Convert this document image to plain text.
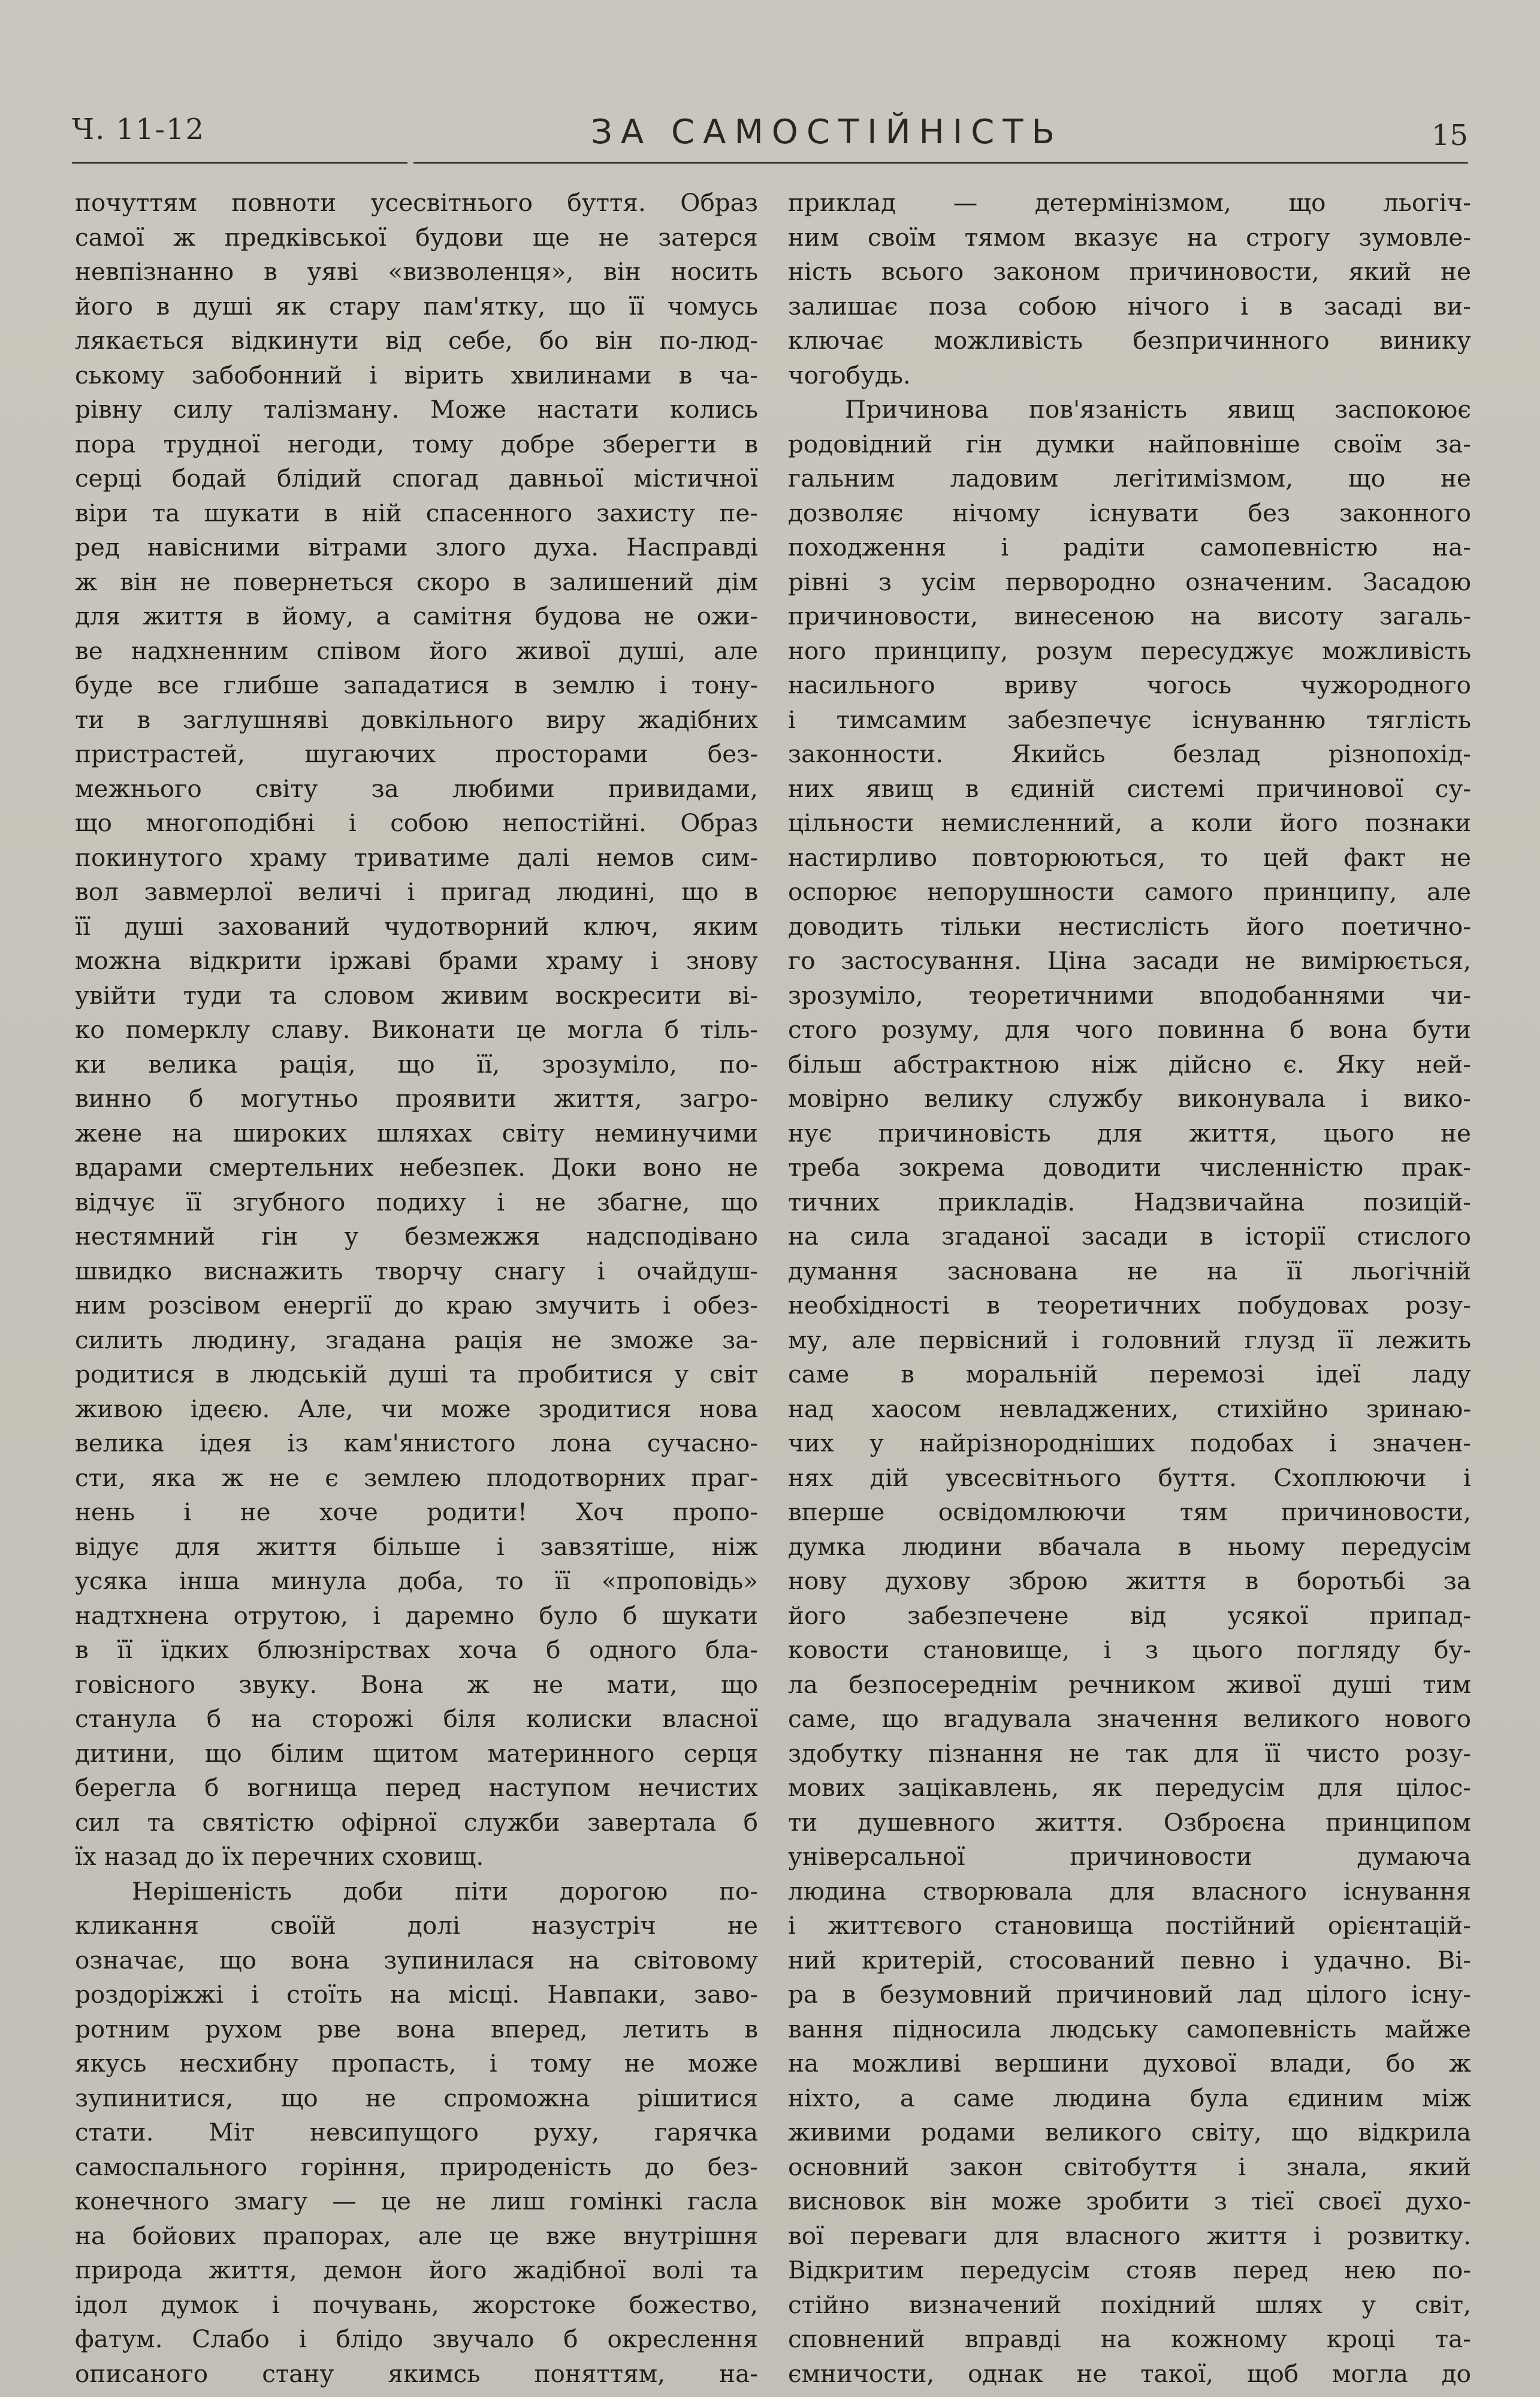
Ч. 11-12	ЗА САМОСТІЙНІСТЬ	15
почуттям повноти усесвітнього буття. Образ
самої ж предківської будови ще не затерся
невпізнанно в уяві «визволенця», він носить
його в душі як стару пам'ятку, що її чомусь
лякається відкинути від себе, бо він по-люд-
ському забобонний і вірить хвилинами в ча-
рівну силу талізману. Може настати колись
пора трудної негоди, тому добре зберегти в
серці бодай блідий спогад давньої містичної
віри та шукати в ній спасенного захисту пе-
ред навісними вітрами злого духа. Насправді
ж він не повернеться скоро в залишений дім
для життя в йому, а самітня будова не ожи-
ве надхненним співом його живої душі, але
буде все глибше западатися в землю і тону-
ти в заглушняві довкільного виру жадібних
пристрастей, шугаючих просторами без-
межнього світу за любими привидами,
що многоподібні і собою непостійні. Образ
покинутого храму триватиме далі немов сим-
вол завмерлої величі і пригад людині, що в
її душі захований чудотворний ключ, яким
можна відкрити іржаві брами храму і знову
увійти туди та словом живим воскресити ві-
ко померклу славу. Виконати це могла б тіль-
ки велика рація, що її, зрозуміло, по-
винно б могутньо проявити життя, загро-
жене на широких шляхах світу неминучими
вдарами смертельних небезпек. Доки воно не
відчує її згубного подиху і не збагне, що
нестямний гін у безмежжя надсподівано
швидко виснажить творчу снагу і очайдуш-
ним розсівом енергії до краю змучить і обез-
силить людину, згадана рація не зможе за-
родитися в людській душі та пробитися у світ
живою ідеєю. Але, чи може зродитися нова
велика ідея із кам'янистого лона сучасно-
сти, яка ж не є землею плодотворних праг-
нень і не хоче родити! Хоч пропо-
відує для життя більше і завзятіше, ніж
усяка інша минула доба, то її «проповідь»
надтхнена отрутою, і даремно було б шукати
в її їдких блюзнірствах хоча б одного бла-
говісного звуку. Вона ж не мати, що
станула б на сторожі біля колиски власної
дитини, що білим щитом материнного серця
берегла б вогнища перед наступом нечистих
сил та святістю офірної служби завертала б
їх назад до їх перечних сховищ.
Нерішеність доби піти дорогою по-
кликання своїй долі назустріч не
означає, що вона зупинилася на світовому
роздоріжжі і стоїть на місці. Навпаки, заво-
ротним рухом рве вона вперед, летить в
якусь несхибну пропасть, і тому не може
зупинитися, що не спроможна рішитися
стати. Міт невсипущого руху, гарячка
самоспального горіння, природеність до без-
конечного змагу — це не лиш гомінкі гасла
на бойових прапорах, але це вже внутрішня
природа життя, демон його жадібної волі та
ідол думок і почувань, жорстоке божество,
фатум. Слабо і блідо звучало б окреслення
описаного стану якимсь поняттям, на-
приклад — детермінізмом, що льогіч-
ним своїм тямом вказує на строгу зумовле-
ність всього законом причиновости, який не
залишає поза собою нічого і в засаді ви-
ключає можливість безпричинного винику
чогобудь.
Причинова пов'язаність явищ заспокоює
родовідний гін думки найповніше своїм за-
гальним ладовим легітимізмом, що не
дозволяє нічому існувати без законного
походження і радіти самопевністю на-
рівні з усім первородно означеним. Засадою
причиновости, винесеною на висоту загаль-
ного принципу, розум пересуджує можливість
насильного вриву чогось чужородного
і тимсамим забезпечує існуванню тяглість
законности. Якийсь безлад різнопохід-
них явищ в єдиній системі причинової су-
цільности немисленний, а коли його познаки
настирливо повторюються, то цей факт не
оспорює непорушности самого принципу, але
доводить тільки нестислість його поетично-
го застосування. Ціна засади не вимірюється,
зрозуміло, теоретичними вподобаннями чи-
стого розуму, для чого повинна б вона бути
більш абстрактною ніж дійсно є. Яку ней-
мовірно велику службу виконувала і вико-
нує причиновість для життя, цього не
треба зокрема доводити численністю прак-
тичних прикладів. Надзвичайна позицій-
на сила згаданої засади в історії стислого
думання заснована не на її льогічній
необхідності в теоретичних побудовах розу-
му, але первісний і головний глузд її лежить
саме в моральній перемозі ідеї ладу
над хаосом невладжених, стихійно зринаю-
чих у найрізнородніших подобах і значен-
нях дій увсесвітнього буття. Схоплюючи і
вперше освідомлюючи тям причиновости,
думка людини вбачала в ньому передусім
нову духову зброю життя в боротьбі за
його забезпечене від усякої припад-
ковости становище, і з цього погляду бу-
ла безпосереднім речником живої душі тим
саме, що вгадувала значення великого нового
здобутку пізнання не так для її чисто розу-
мових зацікавлень, як передусім для цілос-
ти душевного життя. Озброєна принципом
універсальної причиновости думаюча
людина створювала для власного існування
і життєвого становища постійний орієнтацій-
ний критерій, стосований певно і удачно. Ві-
ра в безумовний причиновий лад цілого існу-
вання підносила людську самопевність майже
на можливі вершини духової влади, бо ж
ніхто, а саме людина була єдиним між
живими родами великого світу, що відкрила
основний закон світобуття і знала, який
висновок він може зробити з тієї своєї духо-
вої переваги для власного життя і розвитку.
Відкритим передусім стояв перед нею по-
стійно визначений похідний шлях у світ,
сповнений вправді на кожному кроці та-
ємничости, однак не такої, щоб могла до
